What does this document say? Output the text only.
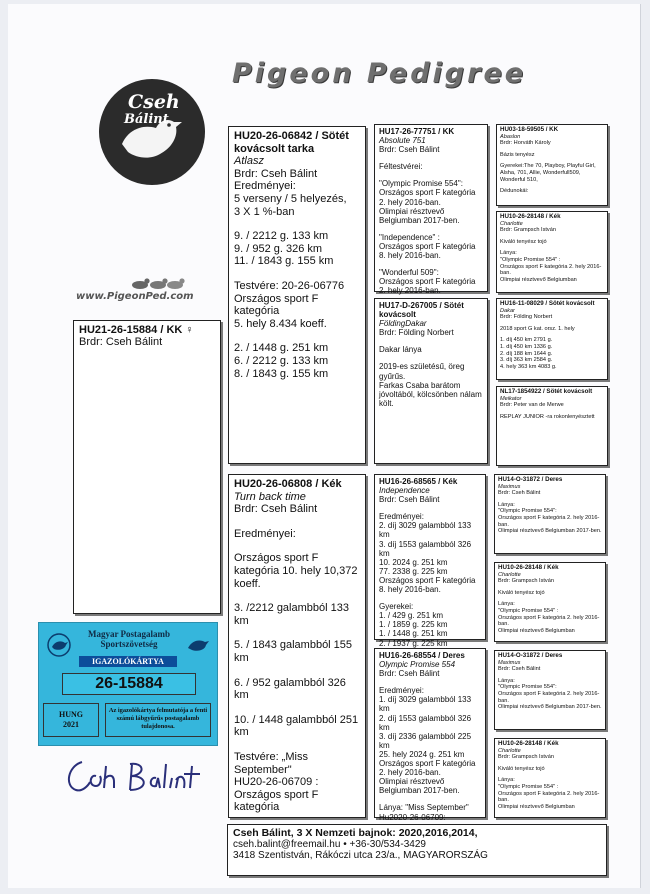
Pigeon Pedigree
Cseh
Bálint
www.PigeonPed.com
HU21-26-15884 / KK ♀
Brdr: Cseh Bálint
HU20-26-06842 / Sötét kovácsolt tarka
Atlasz
Brdr: Cseh Bálint

Eredményei:

5 verseny / 5 helyezés,

3 X 1 %-ban

9. / 2212 g. 133 km

9. / 952 g. 326 km

11. / 1843 g. 155 km

Testvére: 20-26-06776

Országos sport F

kategória

5. hely 8.434 koeff.

2. / 1448 g. 251 km

6. / 2212 g. 133 km

8. / 1843 g. 155 km

HU20-26-06808 / Kék
Turn back time
Brdr: Cseh Bálint

Eredményei:

Országos sport F kategória 10. hely 10,372 koeff.

3. /2212 galambból 133 km

5. / 1843 galambból 155 km

6. / 952 galambból 326 km

10. / 1448 galambból 251 km

Testvére: „Miss September"

HU20-26-06709 :

Országos sport F

kategória

HU17-26-77751 / KK
Absolute 751
Brdr: Cseh Bálint

Féltestvérei:

"Olympic Promise 554":

Országos sport F kategória

2. hely 2016-ban.

Olimpiai résztvevő

Belgiumban 2017-ben.

"Independence" :

Országos sport F kategória

8. hely 2016-ban.

"Wonderful 509":

Országos sport F kategória

2. hely 2016-ban.

HU17-D-267005 / Sötét kovácsolt
FöldingDakar
Brdr: Földing Norbert

Dakar lánya

2019-es születésű, öreg gyűrűs.

Farkas Csaba barátom jóvoltából, kölcsönben nálam költ.

HU16-26-68565 / Kék
Independence
Brdr: Cseh Bálint

Eredményei:

2. díj 3029 galambból 133 km

3. díj 1553 galambból 326 km

10. 2024 g. 251 km

77. 2338 g. 225 km

Országos sport F kategória

8. hely 2016-ban.

Gyerekei:

1. / 429 g. 251 km

1. / 1859 g. 225 km

1. / 1448 g. 251 km

2. / 1937 g. 225 km

HU16-26-68554 / Deres
Olympic Promise 554
Brdr: Cseh Bálint

Eredményei:

1. díj 3029 galambból 133 km

2. díj 1553 galambból 326 km

3. díj 2336 galambból 225 km

25. hely 2024 g. 251 km

Országos sport F kategória

2. hely 2016-ban.

Olimpiai résztvevő

Belgiumban 2017-ben.

Lánya: "Miss September"

Hu2020-26-06709:

HU03-18-59505 / KK
Abaslon
Brdr: Horváth Károly

Bázis tenyész

Gyerekei:The 70, Playboy, Playful Girl, Alsha, 701, Allie, Wonderfull509, Wonderful 510,

Dédunokái:

HU10-26-28148 / Kék
Charlotte
Brdr: Grampsch István

Kiváló tenyész tojó

Lánya:

"Olympic Promise 554" :

Országos sport F kategória 2. hely 2016-ban.

Olimpiai résztvevő Belgiumban

HU16-11-08029 / Sötét kovácsolt
Dakar
Brdr: Földing Norbert

2018 sport G kat. orsz. 1. hely

1. díj 450 km 2791 g.

1. díj 450 km 1336 g.

2. díj 188 km 1644 g.

3. díj 363 km 2584 g.

4. hely 363 km 4083 g.

NL17-1854922 / Sötét kovácsolt
Meikator
Brdr: Peter van de Merwe

REPLAY JUNIOR -ra rokonlenyésztett

HU14-O-31872 / Deres
Maximus
Brdr: Cseh Bálint

Lánya:

"Olympic Promise 554":

Országos sport F kategória 2. hely 2016-ban.

Olimpiai résztvevő Belgiumban 2017-ben.

HU10-26-28148 / Kék
Charlotte
Brdr: Grampsch István

Kiváló tenyész tojó

Lánya:

"Olympic Promise 554" :

Országos sport F kategória 2. hely 2016-ban.

Olimpiai résztvevő Belgiumban

HU14-O-31872 / Deres
Maximus
Brdr: Cseh Bálint

Lánya:

"Olympic Promise 554":

Országos sport F kategória 2. hely 2016-ban.

Olimpiai résztvevő Belgiumban 2017-ben.

HU10-26-28148 / Kék
Charlotte
Brdr: Grampsch István

Kiváló tenyész tojó

Lánya:

"Olympic Promise 554" :

Országos sport F kategória 2. hely 2016-ban.

Olimpiai résztvevő Belgiumban

Magyar Postagalamb
Sportszövetség
IGAZOLÓKÁRTYA
26-15884
HUNG
2021
Az igazolókártya felmutatója a fenti számú lábgyűrűs postagalamb tulajdonosa.
Cseh Bálint, 3 X Nemzeti bajnok: 2020,2016,2014,
cseh.balint@freemail.hu • +36-30/534-3429
3418 Szentistván, Rákóczi utca 23/a., MAGYARORSZÁG
